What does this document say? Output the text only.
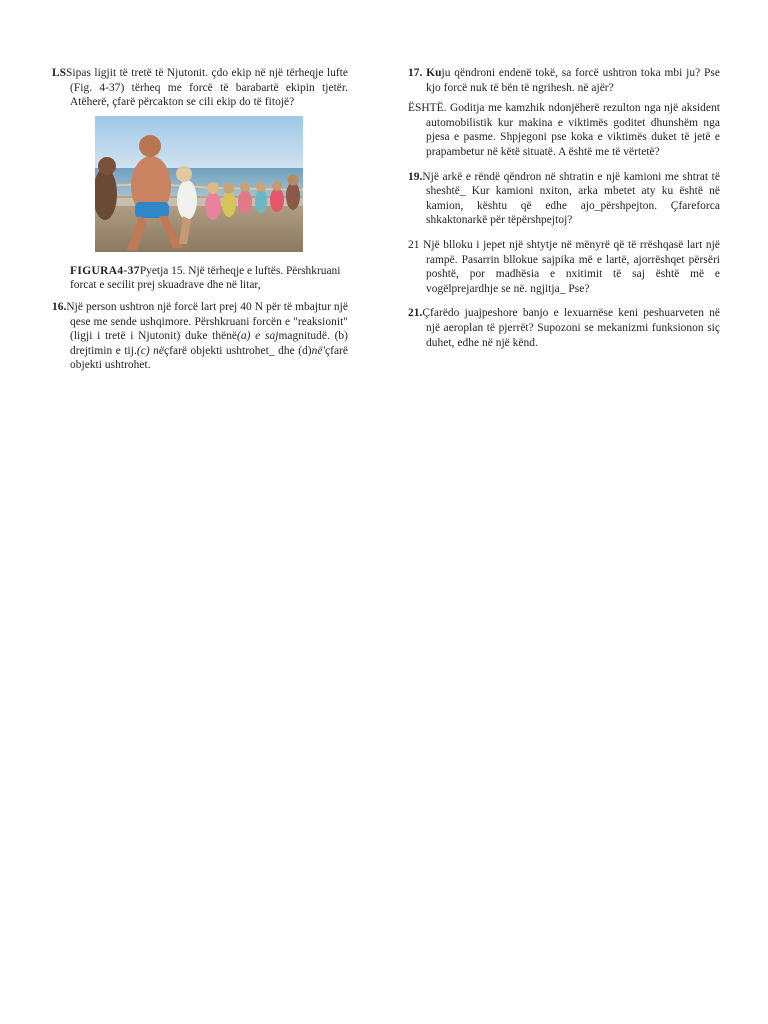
LSSipas ligjit të tretë të Njutonit. çdo ekip në një tërheqje lufte (Fig. 4-37) tërheq me forcë të barabartë ekipin tjetër. Atëherë, çfarë përcakton se cili ekip do të fitojë?

FIGURA4-37Pyetja 15. Një tërheqje e luftës. Përshkruani forcat e secilit prej skuadrave dhe në litar,

16.Një person ushtron një forcë lart prej 40 N për të mbajtur një qese me sende ushqimore. Përshkruani forcën e "reaksionit" (ligji i tretë i Njutonit) duke thënë(a) e sajmagnitudë. (b) drejtimin e tij.(c) nëçfarë objekti ushtrohet_ dhe (d)në'çfarë objekti ushtrohet.

17. Kuju qëndroni endenë tokë, sa forcë ushtron toka mbi ju? Pse kjo forcë nuk të bën të ngrihesh. në ajër?

ËSHTË. Goditja me kamzhik ndonjëherë rezulton nga një aksident automobilistik kur makina e viktimës goditet dhunshëm nga pjesa e pasme. Shpjegoni pse koka e viktimës duket të jetë e prapambetur në këtë situatë. A është me të vërtetë?

19.Një arkë e rëndë qëndron në shtratin e një kamioni me shtrat të sheshtë_ Kur kamioni nxiton, arka mbetet aty ku është në kamion, kështu që edhe ajo_përshpejton. Çfareforca shkaktonarkë për tëpërshpejtoj?

21 Një blloku i jepet një shtytje në mënyrë që të rrëshqasë lart një rampë. Pasarrin bllokue sajpika më e lartë, ajorrëshqet përsëri poshtë, por madhësia e nxitimit të saj është më e vogëlprejardhje se në. ngjitja_ Pse?

21.Çfarëdo juajpeshore banjo e lexuarnëse keni peshuarveten në një aeroplan të pjerrët? Supozoni se mekanizmi funksionon siç duhet, edhe në një kënd.
